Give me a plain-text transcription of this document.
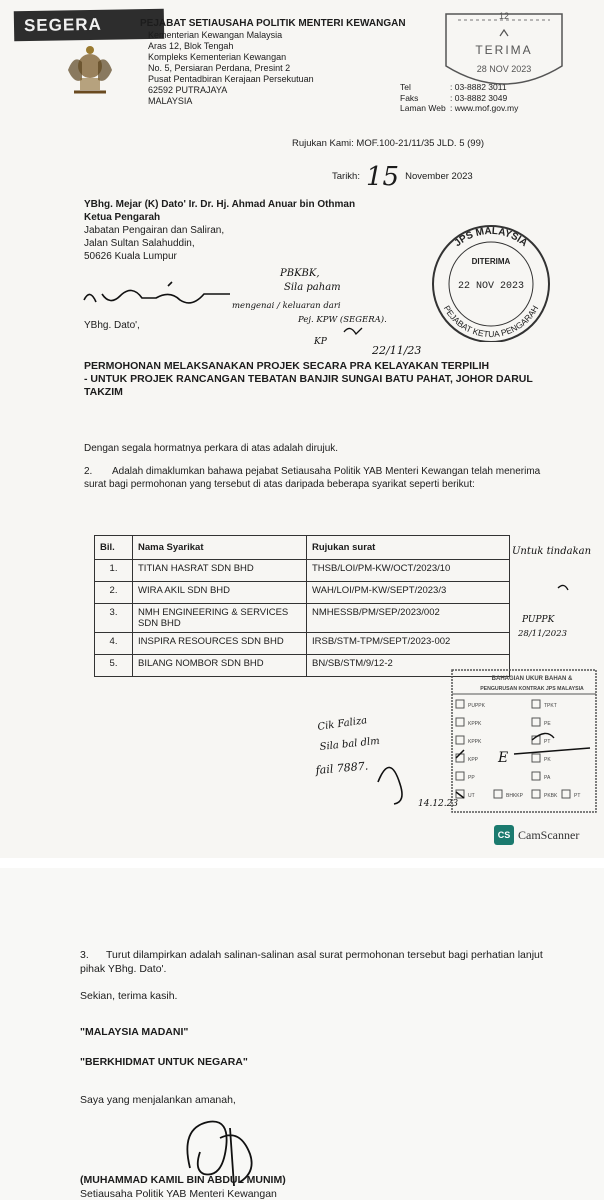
SEGERA	PEJABAT SETIAUSAHA POLITIK MENTERI KEWANGAN
Kementerian Kewangan Malaysia
Aras 12, Blok Tengah
Kompleks Kementerian Kewangan
No. 5, Persiaran Perdana, Presint 2
Pusat Pentadbiran Kerajaan Persekutuan
62592 PUTRAJAYA
MALAYSIA
Tel	: 03-8882 3011
Faks	: 03-8882 3049
Laman Web : www.mof.gov.my
12
TERIMA
28 NOV 2023
Rujukan Kami: MOF.100-21/11/35 JLD. 5 (99)
Tarikh: 15 November 2023
YBhg. Mejar (K) Dato' Ir. Dr. Hj. Ahmad Anuar bin Othman
Ketua Pengarah
Jabatan Pengairan dan Saliran,
Jalan Sultan Salahuddin,
50626 Kuala Lumpur
JPS MALAYSIA
PEJABAT KETUA PENGARAH
DITERIMA
22 NOV 2023
PBKBK,
Sila paham
mengenai / keluaran dari
Pej. KPW (SEGERA).
KP
22/11/23
YBhg. Dato',
PERMOHONAN MELAKSANAKAN PROJEK SECARA PRA KELAYAKAN TERPILIH
- UNTUK PROJEK RANCANGAN TEBATAN BANJIR SUNGAI BATU PAHAT, JOHOR DARUL TAKZIM
Dengan segala hormatnya perkara di atas adalah dirujuk.
2. Adalah dimaklumkan bahawa pejabat Setiausaha Politik YAB Menteri Kewangan telah menerima surat bagi permohonan yang tersebut di atas daripada beberapa syarikat seperti berikut:
Bil.	Nama Syarikat	Rujukan surat
1.	TITIAN HASRAT SDN BHD	THSB/LOI/PM-KW/OCT/2023/10
2.	WIRA AKIL SDN BHD	WAH/LOI/PM-KW/SEPT/2023/3
3.	NMH ENGINEERING & SERVICES SDN BHD	NMHESSB/PM/SEP/2023/002
4.	INSPIRA RESOURCES SDN BHD	IRSB/STM-TPM/SEPT/2023-002
5.	BILANG NOMBOR SDN BHD	BN/SB/STM/9/12-2
Untuk tindakan
PUPPK
28/11/2023
BAHAGIAN UKUR BAHAN &
PENGURUSAN KONTRAK JPS MALAYSIA
PUPPK	TPKT
KPPK	PE
KPPK	PT
KPP	PK
PP	PA
UT	BHKKP	PKBK	PT
E
Cik Faliza
Sila bal dlm
fail 7887.
14.12.23
CS CamScanner
3. Turut dilampirkan adalah salinan-salinan asal surat permohonan tersebut bagi perhatian lanjut pihak YBhg. Dato'.
Sekian, terima kasih.
"MALAYSIA MADANI"
"BERKHIDMAT UNTUK NEGARA"
Saya yang menjalankan amanah,
(MUHAMMAD KAMIL BIN ABDUL MUNIM)
Setiausaha Politik YAB Menteri Kewangan
